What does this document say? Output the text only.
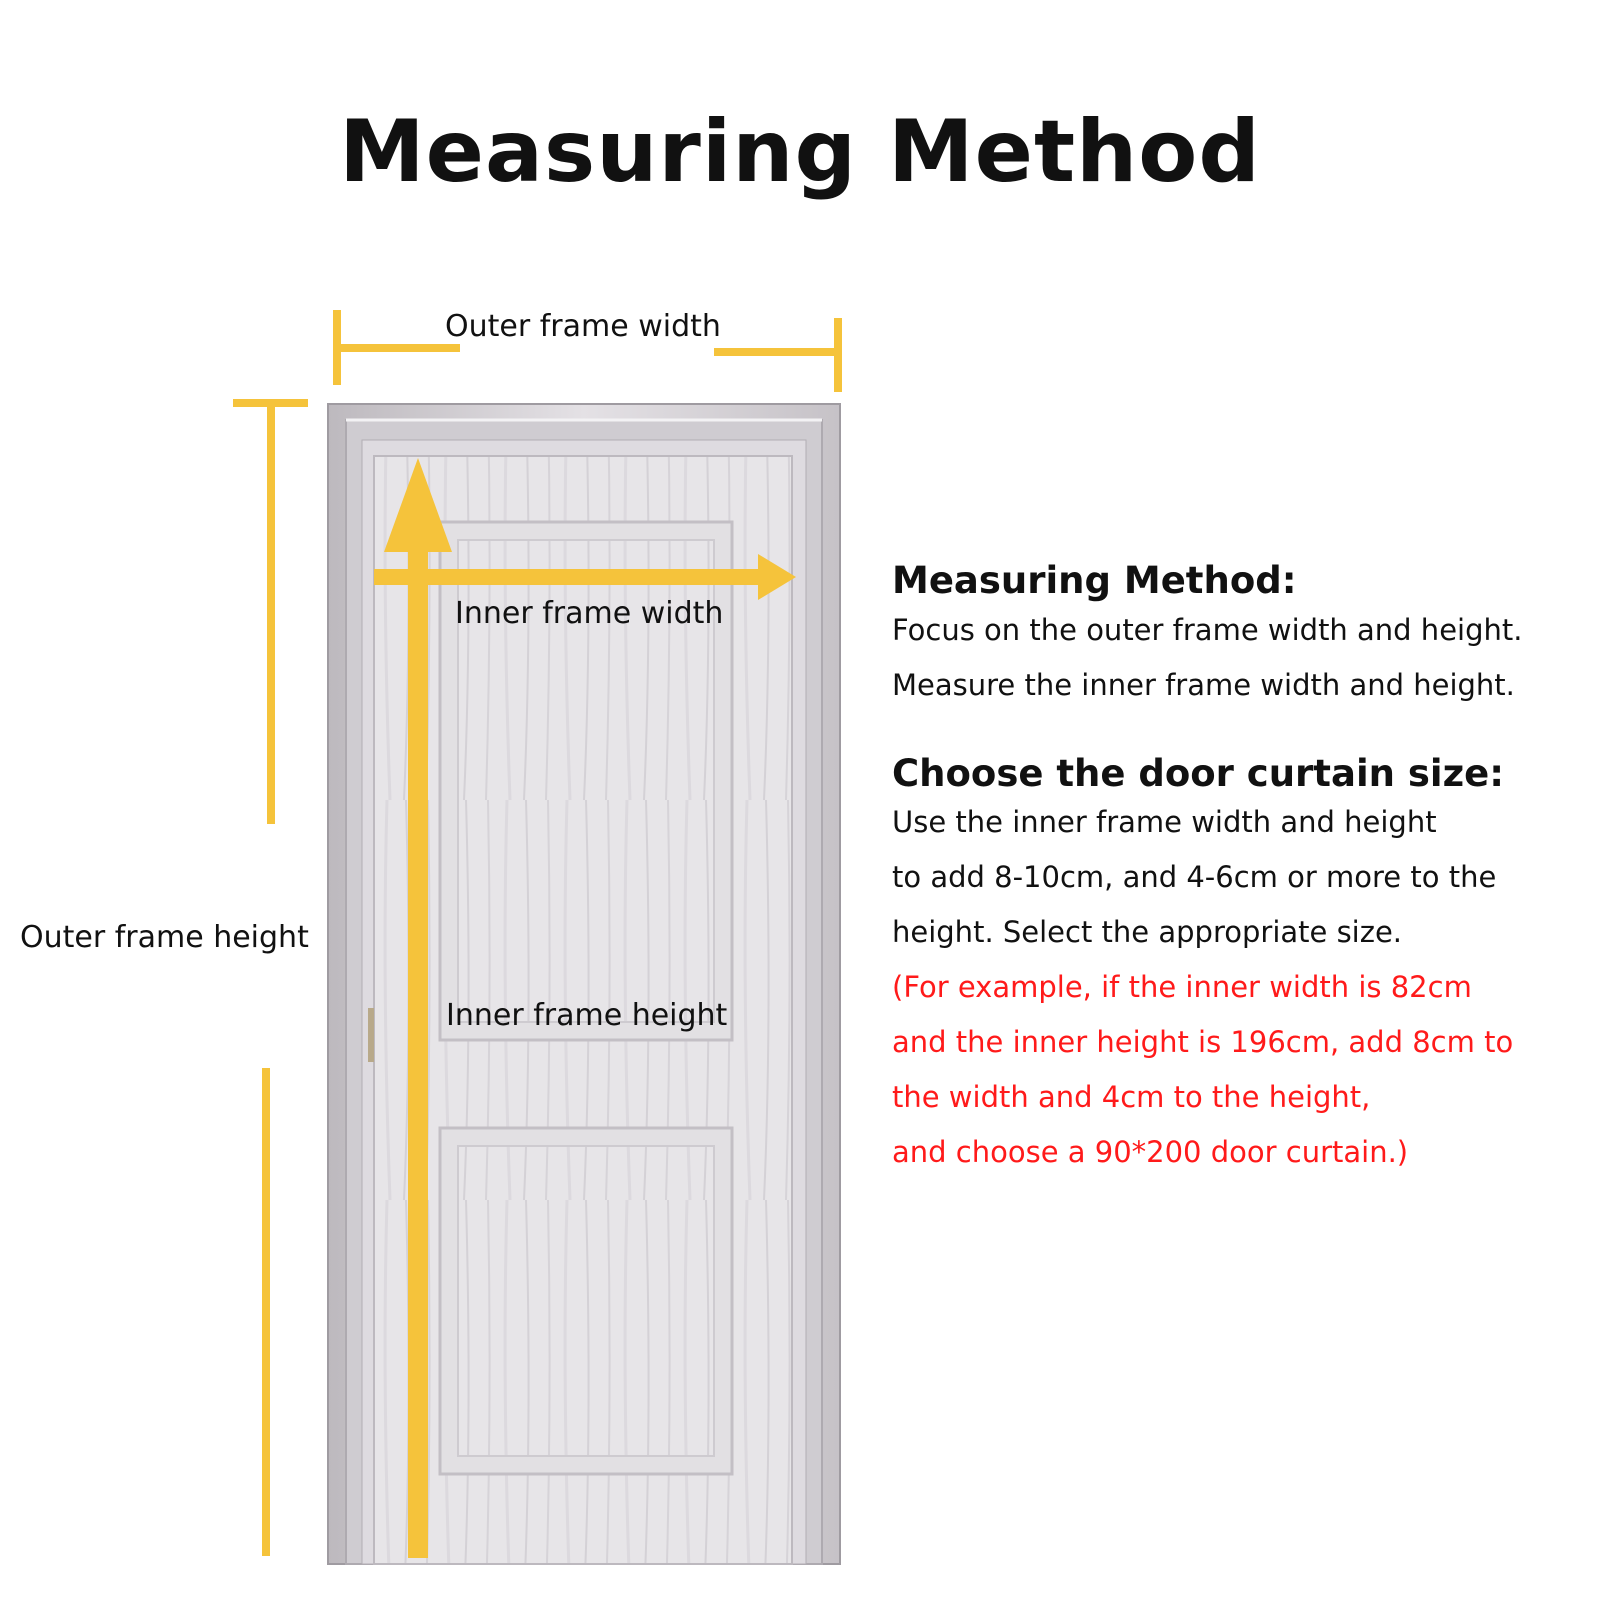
Measuring Method
Outer frame width
Outer frame height
Inner frame width
Inner frame height

Measuring Method:

Focus on the outer frame width and height.

Measure the inner frame width and height.

Choose the door curtain size:

Use the inner frame width and height

to add 8-10cm, and 4-6cm or more to the

height. Select the appropriate size.

(For example, if the inner width is 82cm

and the inner height is 196cm, add 8cm to

the width and 4cm to the height,

and choose a 90*200 door curtain.)
